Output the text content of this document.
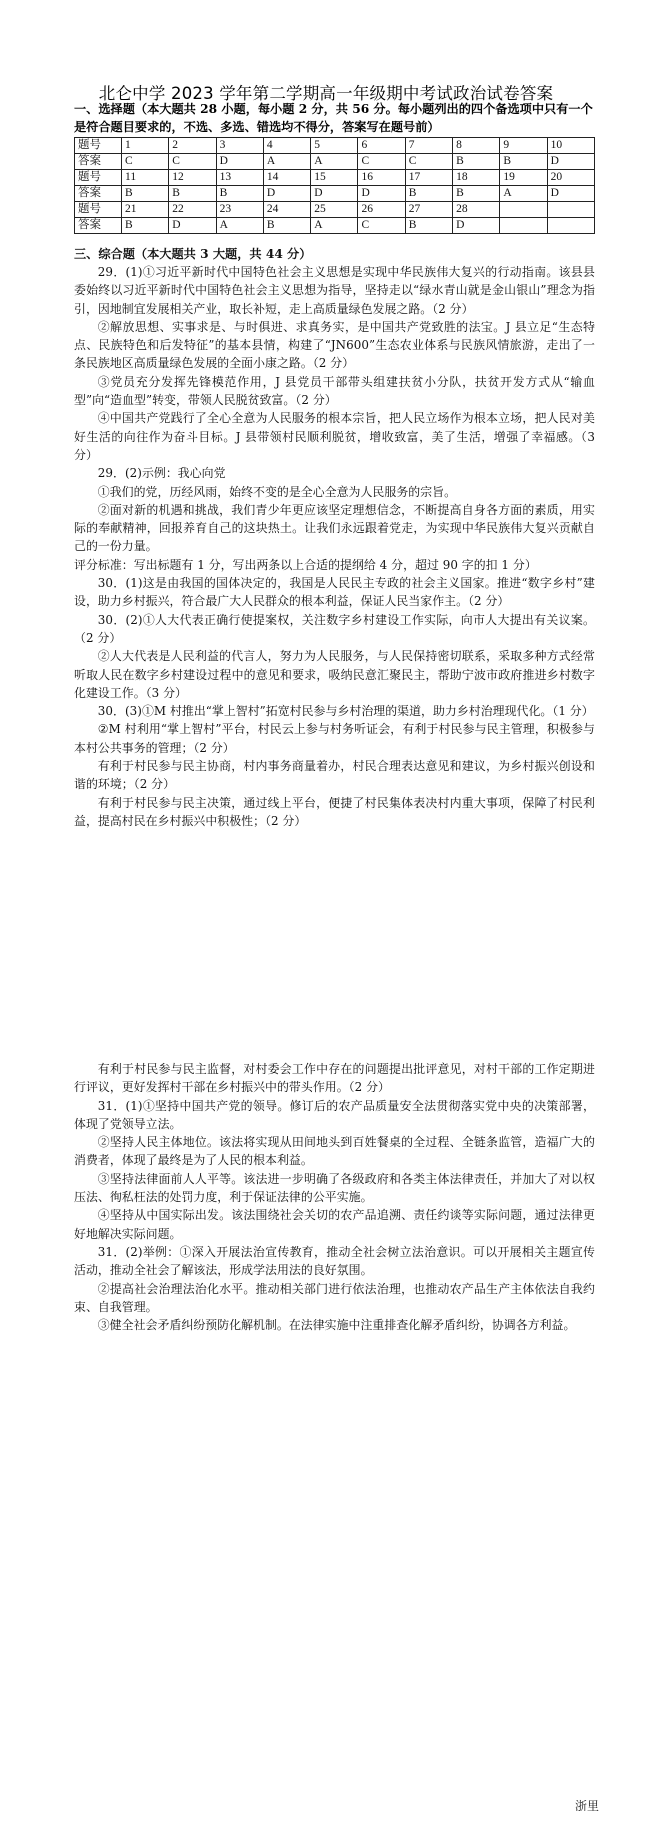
北仑中学 2023 学年第二学期高一年级期中考试政治试卷答案
一、选择题（本大题共 28 小题，每小题 2 分，共 56 分。每小题列出的四个备选项中只有一个是符合题目要求的，不选、多选、错选均不得分，答案写在题号前）
题号	1	2	3	4	5	6	7	8	9	10
答案	C	C	D	A	A	C	C	B	B	D
题号	11	12	13	14	15	16	17	18	19	20
答案	B	B	B	D	D	D	B	B	A	D
题号	21	22	23	24	25	26	27	28		
答案	B	D	A	B	A	C	B	D		
三、综合题（本大题共 3 大题，共 44 分）

29．(1)①习近平新时代中国特色社会主义思想是实现中华民族伟大复兴的行动指南。该县县委始终以习近平新时代中国特色社会主义思想为指导，坚持走以“绿水青山就是金山银山”理念为指引，因地制宜发展相关产业，取长补短，走上高质量绿色发展之路。（2 分）

②解放思想、实事求是、与时俱进、求真务实，是中国共产党致胜的法宝。J 县立足“生态特点、民族特色和后发特征”的基本县情，构建了“JN600”生态农业体系与民族风情旅游，走出了一条民族地区高质量绿色发展的全面小康之路。（2 分）

③党员充分发挥先锋模范作用，J 县党员干部带头组建扶贫小分队，扶贫开发方式从“输血型”向“造血型”转变，带领人民脱贫致富。（2 分）

④中国共产党践行了全心全意为人民服务的根本宗旨，把人民立场作为根本立场，把人民对美好生活的向往作为奋斗目标。J 县带领村民顺利脱贫，增收致富，美了生活，增强了幸福感。（3 分）

29．(2)示例：我心向党

①我们的党，历经风雨，始终不变的是全心全意为人民服务的宗旨。

②面对新的机遇和挑战，我们青少年更应该坚定理想信念，不断提高自身各方面的素质，用实际的奉献精神，回报养育自己的这块热土。让我们永远跟着党走，为实现中华民族伟大复兴贡献自己的一份力量。

评分标准：写出标题有 1 分，写出两条以上合适的提纲给 4 分，超过 90 字的扣 1 分）

30．(1)这是由我国的国体决定的，我国是人民民主专政的社会主义国家。推进“数字乡村”建设，助力乡村振兴，符合最广大人民群众的根本利益，保证人民当家作主。（2 分）

30．(2)①人大代表正确行使提案权，关注数字乡村建设工作实际，向市人大提出有关议案。（2 分）

②人大代表是人民利益的代言人，努力为人民服务，与人民保持密切联系，采取多种方式经常听取人民在数字乡村建设过程中的意见和要求，吸纳民意汇聚民主，帮助宁波市政府推进乡村数字化建设工作。（3 分）

30．(3)①M 村推出“掌上智村”拓宽村民参与乡村治理的渠道，助力乡村治理现代化。（1 分）

②M 村利用“掌上智村”平台，村民云上参与村务听证会，有利于村民参与民主管理，积极参与本村公共事务的管理；（2 分）

有利于村民参与民主协商，村内事务商量着办，村民合理表达意见和建议，为乡村振兴创设和谐的环境；（2 分）

有利于村民参与民主决策，通过线上平台，便捷了村民集体表决村内重大事项，保障了村民利益，提高村民在乡村振兴中积极性；（2 分）

有利于村民参与民主监督，对村委会工作中存在的问题提出批评意见，对村干部的工作定期进行评议，更好发挥村干部在乡村振兴中的带头作用。（2 分）

31．(1)①坚持中国共产党的领导。修订后的农产品质量安全法贯彻落实党中央的决策部署，体现了党领导立法。

②坚持人民主体地位。该法将实现从田间地头到百姓餐桌的全过程、全链条监管，造福广大的消费者，体现了最终是为了人民的根本利益。

③坚持法律面前人人平等。该法进一步明确了各级政府和各类主体法律责任，并加大了对以权压法、徇私枉法的处罚力度，利于保证法律的公平实施。

④坚持从中国实际出发。该法围绕社会关切的农产品追溯、责任约谈等实际问题，通过法律更好地解决实际问题。

31．(2)举例：①深入开展法治宣传教育，推动全社会树立法治意识。可以开展相关主题宣传活动，推动全社会了解该法，形成学法用法的良好氛围。

②提高社会治理法治化水平。推动相关部门进行依法治理，也推动农产品生产主体依法自我约束、自我管理。

③健全社会矛盾纠纷预防化解机制。在法律实施中注重排查化解矛盾纠纷，协调各方利益。

浙里
